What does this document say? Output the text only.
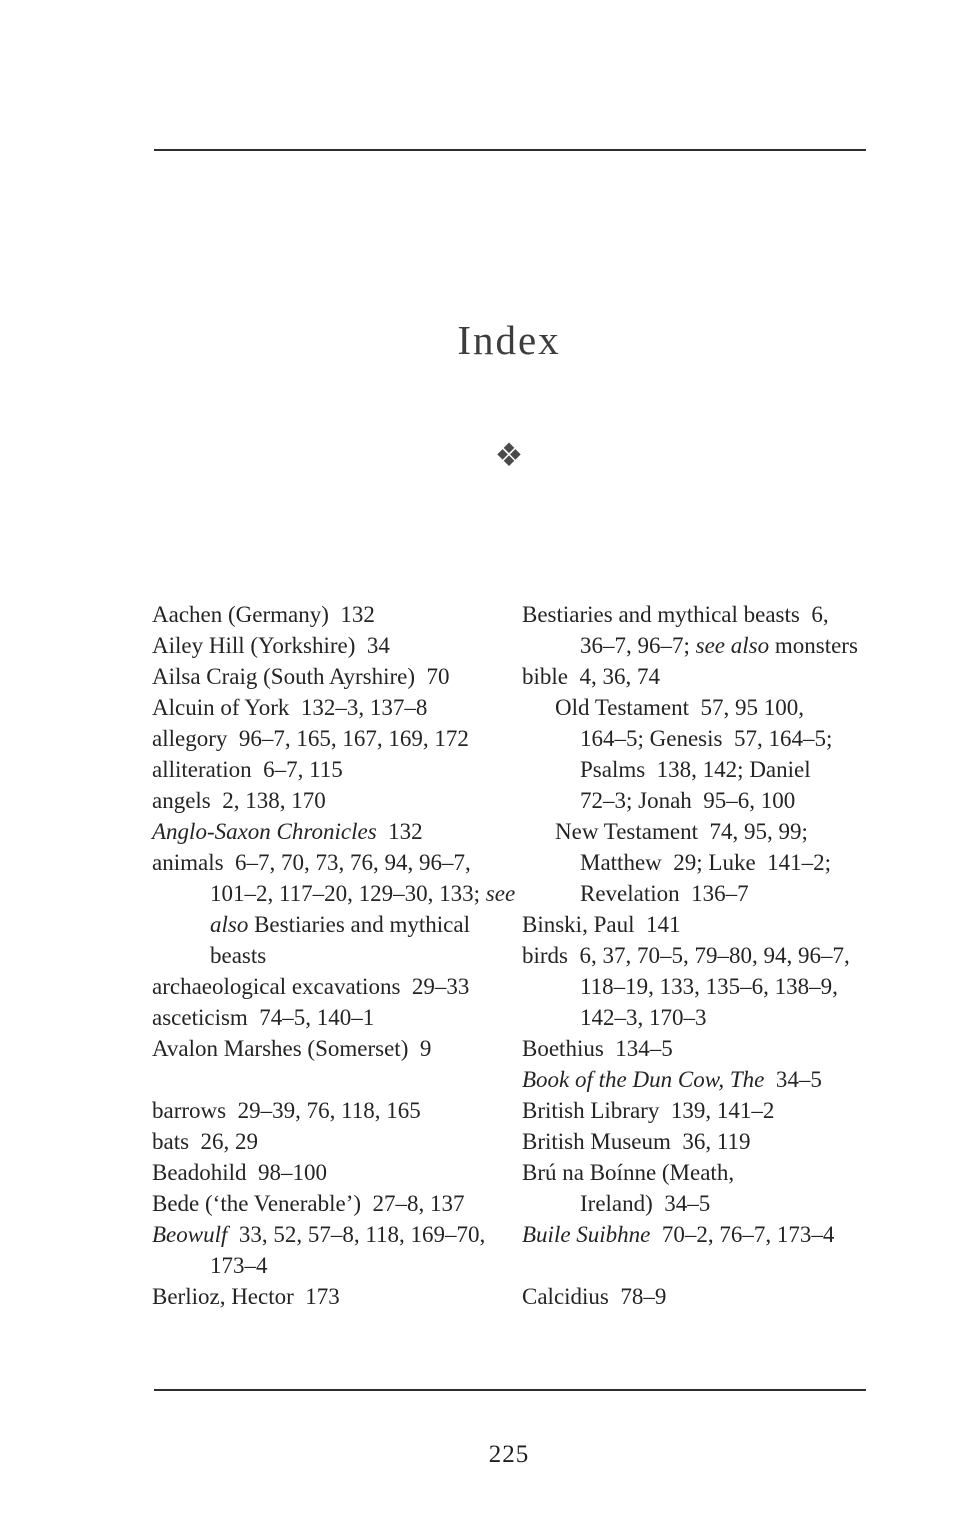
Index
❖
Aachen (Germany) 132
Ailey Hill (Yorkshire) 34
Ailsa Craig (South Ayrshire) 70
Alcuin of York 132–3, 137–8
allegory 96–7, 165, 167, 169, 172
alliteration 6–7, 115
angels 2, 138, 170
Anglo-Saxon Chronicles 132
animals 6–7, 70, 73, 76, 94, 96–7,
101–2, 117–20, 129–30, 133; see
also Bestiaries and mythical
beasts
archaeological excavations 29–33
asceticism 74–5, 140–1
Avalon Marshes (Somerset) 9
barrows 29–39, 76, 118, 165
bats 26, 29
Beadohild 98–100
Bede (‘the Venerable’) 27–8, 137
Beowulf 33, 52, 57–8, 118, 169–70,
173–4
Berlioz, Hector 173
Bestiaries and mythical beasts 6,
36–7, 96–7; see also monsters
bible 4, 36, 74
Old Testament 57, 95 100,
164–5; Genesis 57, 164–5;
Psalms 138, 142; Daniel
72–3; Jonah 95–6, 100
New Testament 74, 95, 99;
Matthew 29; Luke 141–2;
Revelation 136–7
Binski, Paul 141
birds 6, 37, 70–5, 79–80, 94, 96–7,
118–19, 133, 135–6, 138–9,
142–3, 170–3
Boethius 134–5
Book of the Dun Cow, The 34–5
British Library 139, 141–2
British Museum 36, 119
Brú na Boínne (Meath,
Ireland) 34–5
Buile Suibhne 70–2, 76–7, 173–4
Calcidius 78–9
225
